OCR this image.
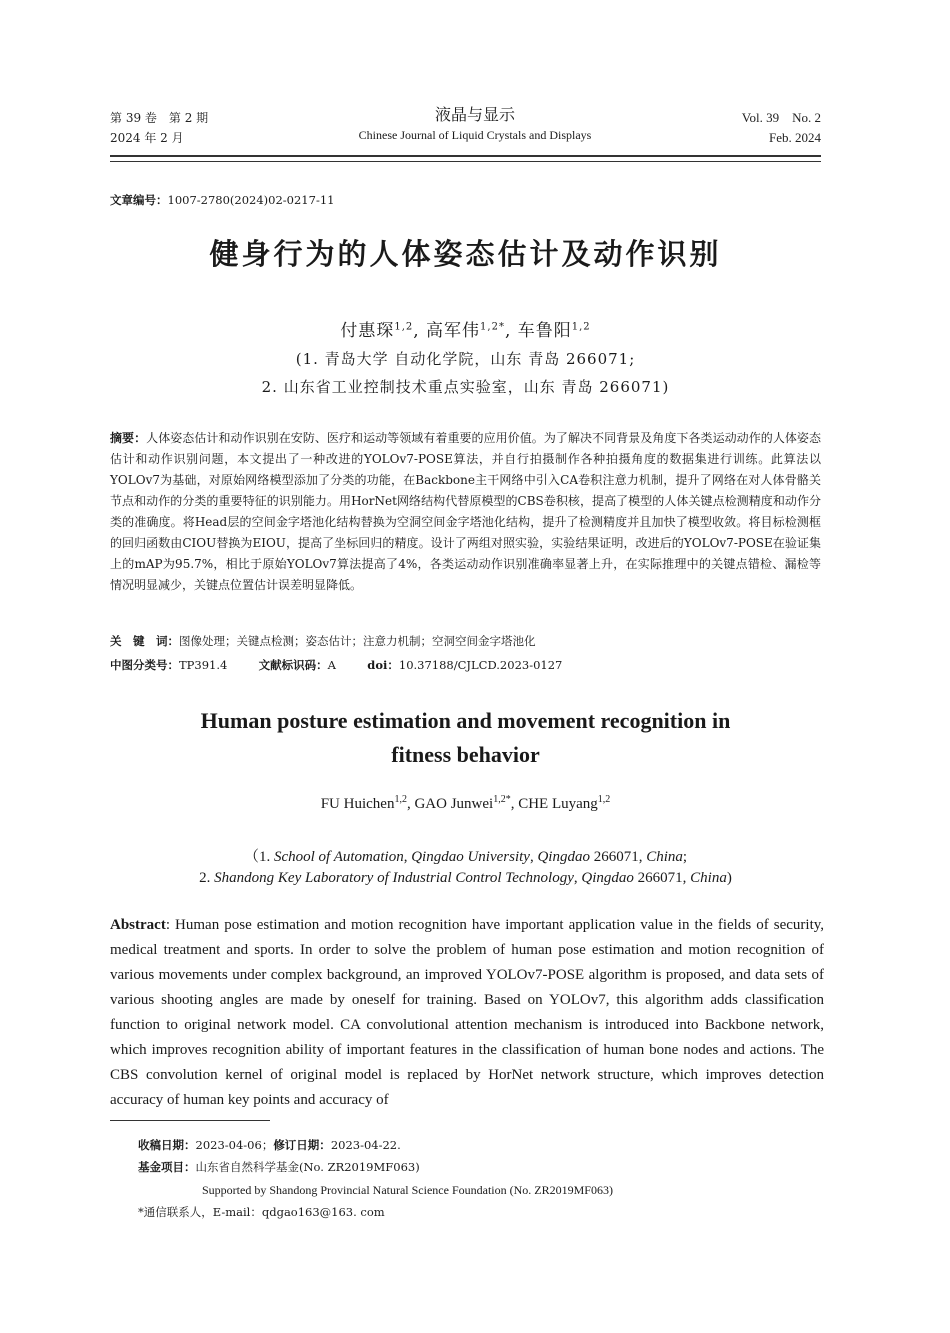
第 39 卷　第 2 期
2024 年 2 月
液晶与显示
Chinese Journal of Liquid Crystals and Displays
Vol. 39　No. 2
Feb. 2024
文章编号：1007-2780(2024)02-0217-11
健身行为的人体姿态估计及动作识别
付惠琛$^{1,2}$, 高军伟$^{1,2*}$, 车鲁阳$^{1,2}$
(1. 青岛大学 自动化学院，山东 青岛 266071;
2. 山东省工业控制技术重点实验室，山东 青岛 266071)
摘要：人体姿态估计和动作识别在安防、医疗和运动等领域有着重要的应用价值。为了解决不同背景及角度下各类运动动作的人体姿态估计和动作识别问题，本文提出了一种改进的YOLOv7-POSE算法，并自行拍摄制作各种拍摄角度的数据集进行训练。此算法以YOLOv7为基础，对原始网络模型添加了分类的功能，在Backbone主干网络中引入CA卷积注意力机制，提升了网络在对人体骨骼关节点和动作的分类的重要特征的识别能力。用HorNet网络结构代替原模型的CBS卷积核，提高了模型的人体关键点检测精度和动作分类的准确度。将Head层的空间金字塔池化结构替换为空洞空间金字塔池化结构，提升了检测精度并且加快了模型收敛。将目标检测框的回归函数由CIOU替换为EIOU，提高了坐标回归的精度。设计了两组对照实验，实验结果证明，改进后的YOLOv7-POSE在验证集上的mAP为95.7%，相比于原始YOLOv7算法提高了4%，各类运动动作识别准确率显著上升，在实际推理中的关键点错检、漏检等情况明显减少，关键点位置估计误差明显降低。
关　键　词：图像处理；关键点检测；姿态估计；注意力机制；空洞空间金字塔池化
中图分类号：TP391.4	文献标识码：A	doi：10.37188/CJLCD.2023-0127
Human posture estimation and movement recognition in
fitness behavior
FU Huichen$^{1,2}$, GAO Junwei$^{1,2*}$, CHE Luyang$^{1,2}$
（1. School of Automation, Qingdao University, Qingdao 266071, China;
2. Shandong Key Laboratory of Industrial Control Technology, Qingdao 266071, China)
Abstract: Human pose estimation and motion recognition have important application value in the fields of security, medical treatment and sports. In order to solve the problem of human pose estimation and motion recognition of various movements under complex background, an improved YOLOv7-POSE algorithm is proposed, and data sets of various shooting angles are made by oneself for training. Based on YOLOv7, this algorithm adds classification function to original network model. CA convolutional attention mechanism is introduced into Backbone network, which improves recognition ability of important features in the classification of human bone nodes and actions. The CBS convolution kernel of original model is replaced by HorNet network structure, which improves detection accuracy of human key points and accuracy of
收稿日期：2023-04-06；修订日期：2023-04-22.
基金项目：山东省自然科学基金(No. ZR2019MF063)
Supported by Shandong Provincial Natural Science Foundation (No. ZR2019MF063)
*通信联系人，E-mail：qdgao163@163. com
